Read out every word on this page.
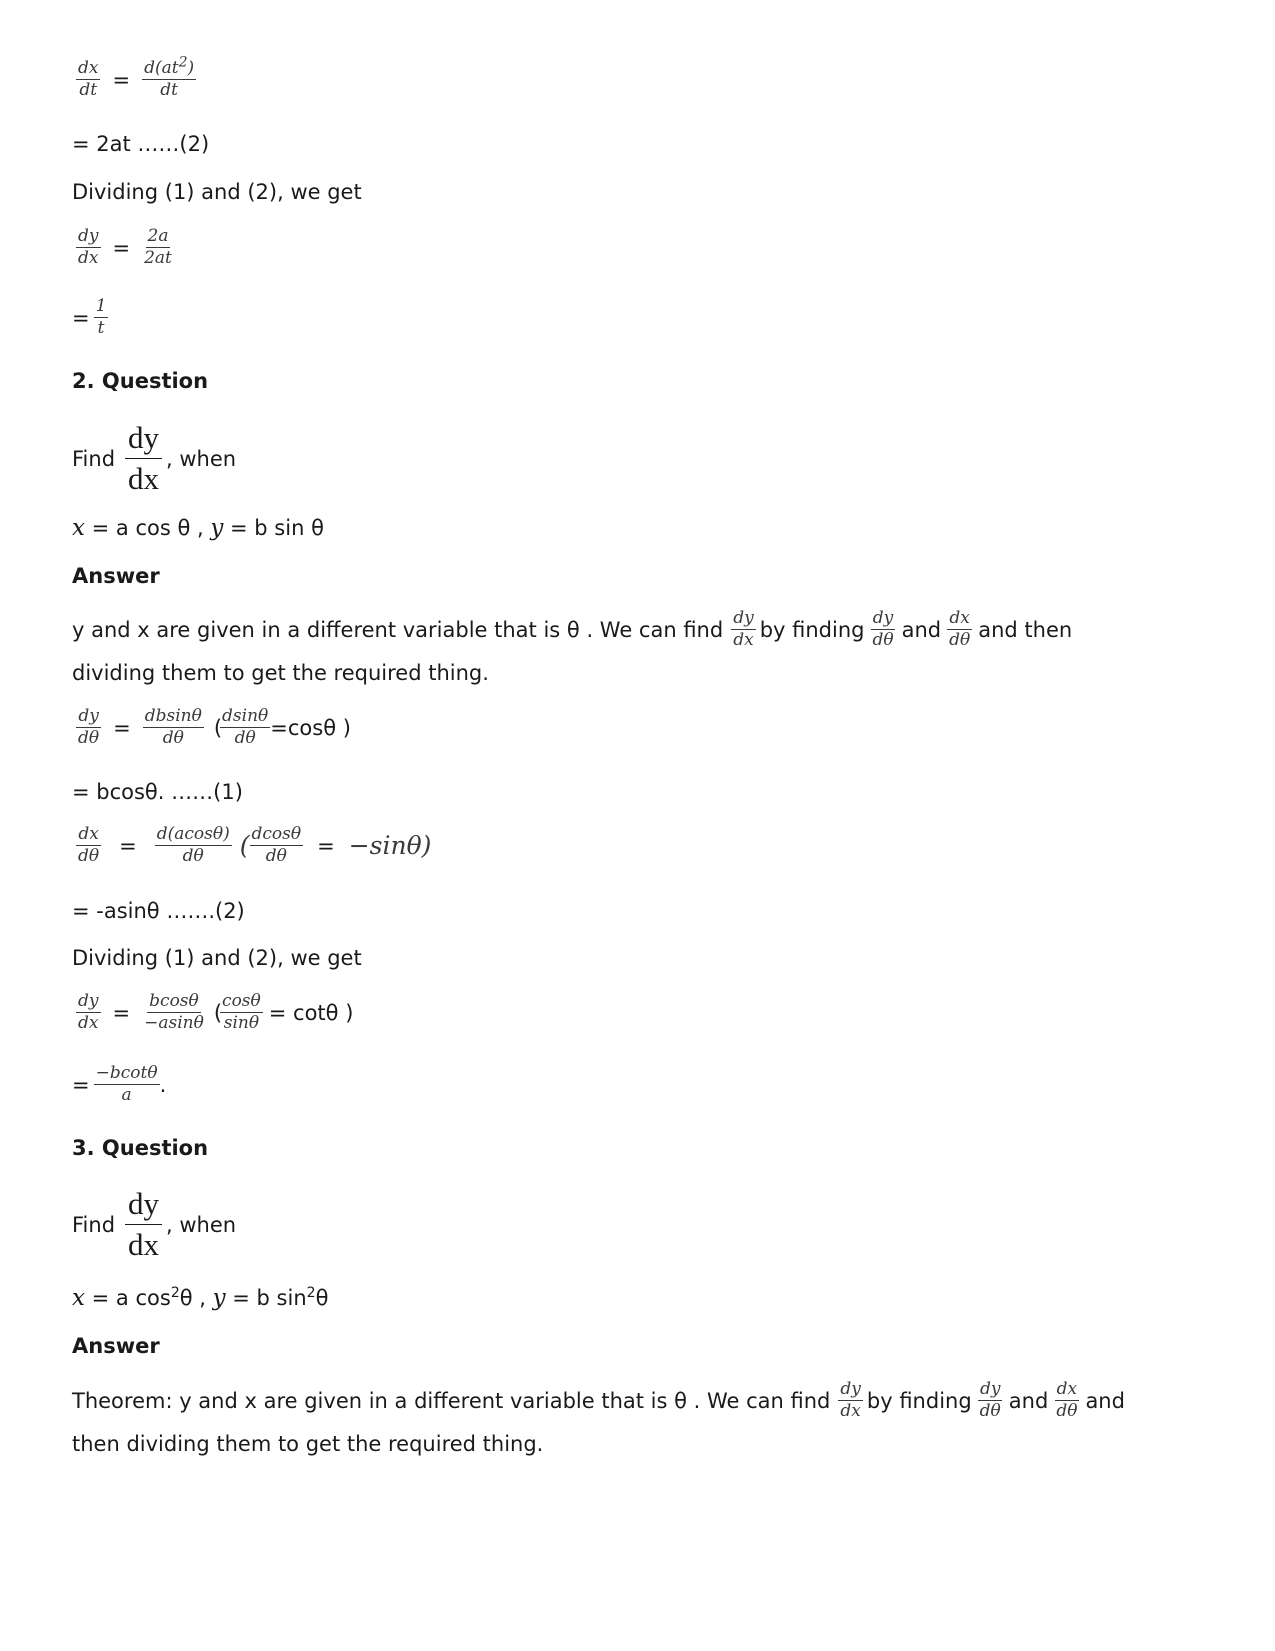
$\frac{dx}{dt} = \frac{d(at^2)}{dt}$
= 2at ……(2)
Dividing (1) and (2), we get
$\frac{dy}{dx} = \frac{2a}{2at}$
= $\frac{1}{t}$
2. Question
Find $\frac{dy}{dx}$ , when
x = a cos θ , y = b sin θ
Answer
y and x are given in a different variable that is θ . We can find $\frac{dy}{dx}$ by finding $\frac{dy}{d\theta}$ and $\frac{dx}{d\theta}$ and then
dividing them to get the required thing.
$\frac{dy}{d\theta} = \frac{dbsin\theta}{d\theta}$ (
$\frac{dsin\theta}{d\theta} =\cos\theta$ )
= bcosθ. ……(1)
$\frac{dx}{d\theta} = \frac{d(acos\theta)}{d\theta}$ ( $\frac{dcos\theta}{d\theta} = -\sin\theta$)
= -asinθ …….(2)
Dividing (1) and (2), we get
$\frac{dy}{dx} = \frac{bcos\theta}{-asin\theta}$ (
$\frac{\cos\theta}{\sin\theta} = \cot\theta$ )
= $\frac{-bcot\theta}{a}$ .
3. Question
Find $\frac{dy}{dx}$ , when
x = a $\cos^2\theta$ , y = b $\sin^2\theta$
Answer
Theorem: y and x are given in a different variable that is θ . We can find $\frac{dy}{dx}$ by finding $\frac{dy}{d\theta}$ and $\frac{dx}{d\theta}$ and
then dividing them to get the required thing.
